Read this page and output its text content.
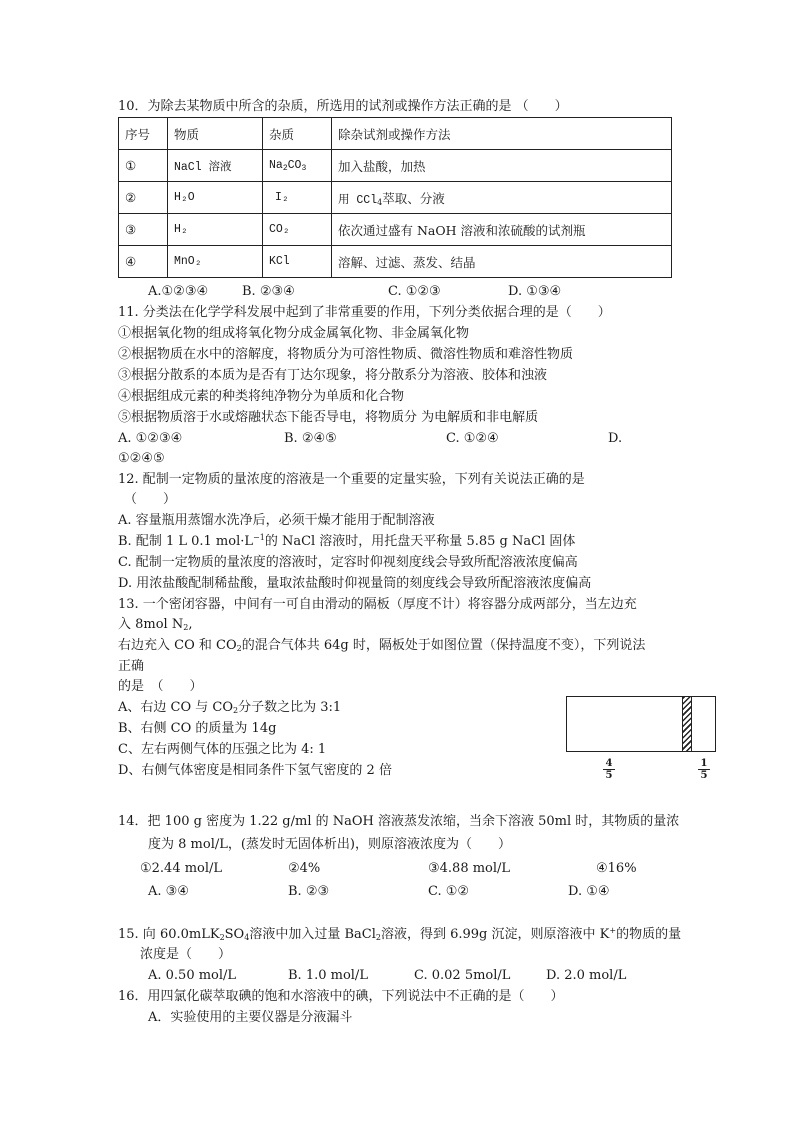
10．为除去某物质中所含的杂质，所选用的试剂或操作方法正确的是 （　　）
序号	物质	杂质	除杂试剂或操作方法
①	NaCl 溶液	$Na_2CO_3$	加入盐酸，加热
②	H₂O	I₂	用 CCl$_4$萃取、分液
③	H₂	CO₂	依次通过盛有 NaOH 溶液和浓硫酸的试剂瓶
④	MnO₂	KCl	溶解、过滤、蒸发、结晶
A.①②③④	B. ②③④	C. ①②③	D. ①③④
11. 分类法在化学学科发展中起到了非常重要的作用，下列分类依据合理的是（　　）
①根据氧化物的组成将氧化物分成金属氧化物、非金属氧化物
②根据物质在水中的溶解度，将物质分为可溶性物质、微溶性物质和难溶性物质
③根据分散系的本质为是否有丁达尔现象，将分散系分为溶液、胶体和浊液
④根据组成元素的种类将纯净物分为单质和化合物
⑤根据物质溶于水或熔融状态下能否导电，将物质分 为电解质和非电解质
A. ①②③④	B. ②④⑤	C. ①②④	D.
①②④⑤
12. 配制一定物质的量浓度的溶液是一个重要的定量实验，下列有关说法正确的是
（　　）
A. 容量瓶用蒸馏水洗净后，必须干燥才能用于配制溶液
B. 配制 1 L 0.1 $mol\cdot L^{-1}$的 NaCl 溶液时，用托盘天平称量 5.85 g NaCl 固体
C. 配制一定物质的量浓度的溶液时，定容时仰视刻度线会导致所配溶液浓度偏高
D. 用浓盐酸配制稀盐酸，量取浓盐酸时仰视量筒的刻度线会导致所配溶液浓度偏高
13. 一个密闭容器，中间有一可自由滑动的隔板（厚度不计）将容器分成两部分，当左边充
入 8mol $N_2$,
右边充入 CO 和 $CO_2$的混合气体共 64g 时，隔板处于如图位置（保持温度不变），下列说法
正确
的是　（　　）
A、右边 CO 与 $CO_2$分子数之比为 3:1
B、右侧 CO 的质量为 14g
C、左右两侧气体的压强之比为 4: 1
D、右侧气体密度是相同条件下氢气密度的 2 倍	$\frac{4}{5}$	$\frac{1}{5}$
14．把 100 g 密度为 1.22 g/ml 的 NaOH 溶液蒸发浓缩，当余下溶液 50ml 时，其物质的量浓
度为 8 mol/L，(蒸发时无固体析出)，则原溶液浓度为（　　）
①2.44 mol/L	②4%	③4.88 mol/L	④16%
A. ③④	B. ②③	C. ①②	D. ①④
15. 向 $60.0mLK_2SO_4$溶液中加入过量 BaCl$_2$溶液，得到 6.99g 沉淀，则原溶液中 K+的物质的量
浓度是（　　）
A. 0.50 mol/L	B. 1.0 mol/L	C. 0.02 5mol/L	D. 2.0 mol/L
16．用四氯化碳萃取碘的饱和水溶液中的碘，下列说法中不正确的是（　　）
A．实验使用的主要仪器是分液漏斗
